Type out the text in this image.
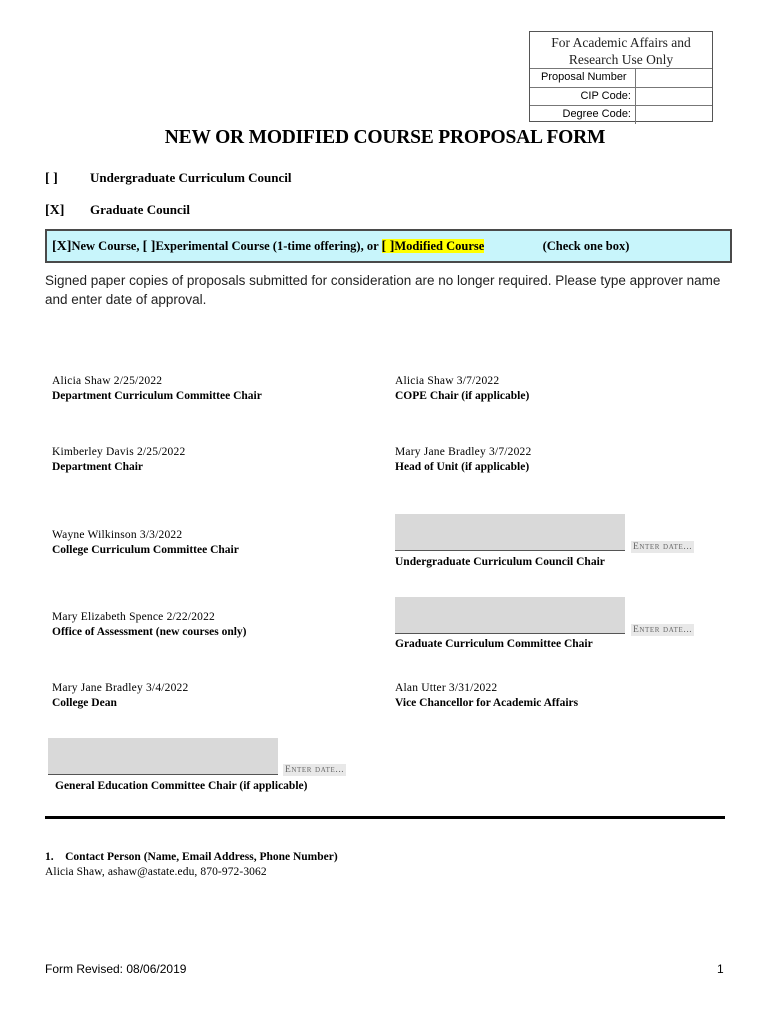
For Academic Affairs and
Research Use Only
Proposal Number
CIP Code:
Degree Code:
NEW OR MODIFIED COURSE PROPOSAL FORM
[ ] Undergraduate Curriculum Council
[X] Graduate Council
[X]New Course, [ ]Experimental Course (1-time offering), or [ ]Modified Course	(Check one box)
Signed paper copies of proposals submitted for consideration are no longer required. Please type approver name and enter date of approval.
Alicia Shaw 2/25/2022
Department Curriculum Committee Chair
Kimberley Davis 2/25/2022
Department Chair
Wayne Wilkinson 3/3/2022
College Curriculum Committee Chair
Mary Elizabeth Spence 2/22/2022
Office of Assessment (new courses only)
Mary Jane Bradley 3/4/2022
College Dean
Alicia Shaw 3/7/2022
COPE Chair (if applicable)
Mary Jane Bradley 3/7/2022
Head of Unit (if applicable)
Enter date...
Undergraduate Curriculum Council Chair
Enter date...
Graduate Curriculum Committee Chair
Alan Utter 3/31/2022
Vice Chancellor for Academic Affairs
Enter date...
General Education Committee Chair (if applicable)
1.    Contact Person (Name, Email Address, Phone Number)
Alicia Shaw, ashaw@astate.edu, 870-972-3062
Form Revised: 08/06/2019	1
